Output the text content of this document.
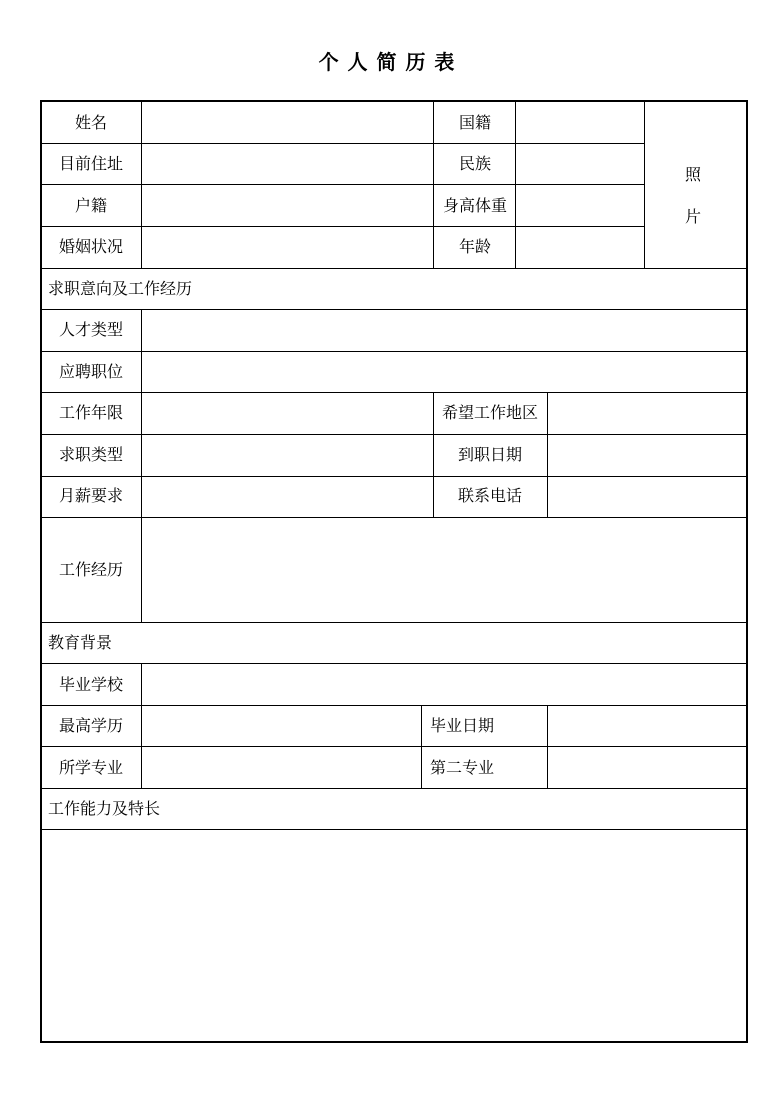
个 人 简 历 表
姓名	国籍
目前住址	民族
户籍	身高体重
婚姻状况	年龄
照
片
求职意向及工作经历
人才类型
应聘职位
工作年限	希望工作地区
求职类型	到职日期
月薪要求	联系电话
工作经历
教育背景
毕业学校
最高学历	毕业日期
所学专业	第二专业
工作能力及特长
